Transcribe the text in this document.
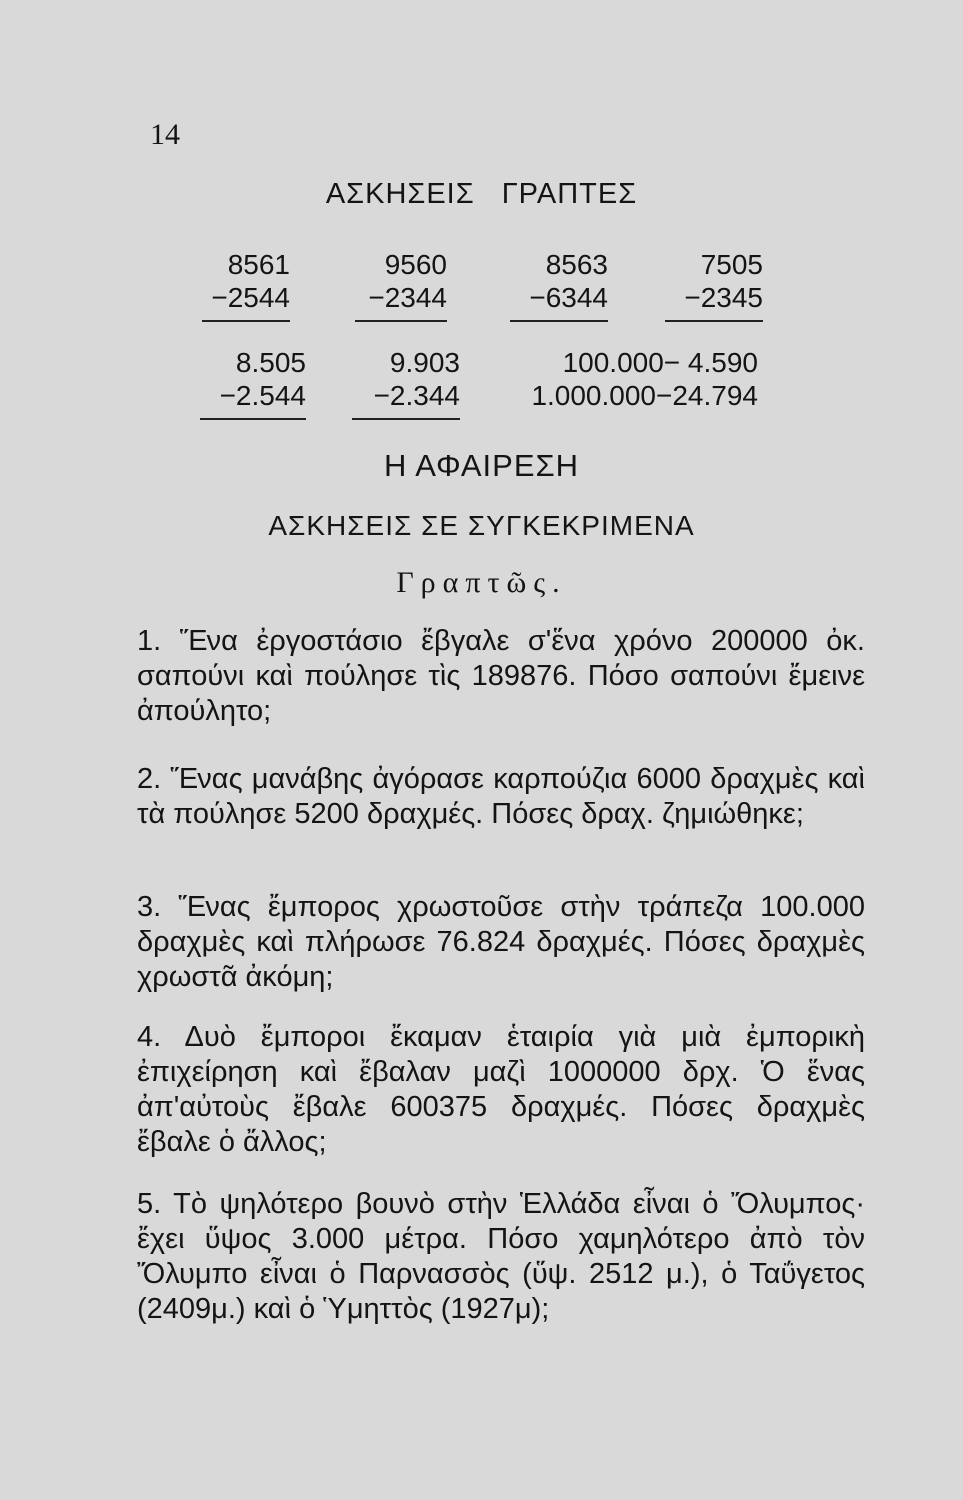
14
ΑΣΚΗΣΕΙΣ ΓΡΑΠΤΕΣ
8561
−2544
9560
−2344
8563
−6344
7505
−2345
8.505
−2.544
9.903
−2.344
100.000− 4.590
1.000.000−24.794
Η ΑΦΑΙΡΕΣΗ
ΑΣΚΗΣΕΙΣ ΣΕ ΣΥΓΚΕΚΡΙΜΕΝΑ
Γραπτῶς.

1. Ἕνα ἐργοστάσιο ἔβγαλε σ'ἕνα χρόνο 200000 ὀκ. σαπούνι καὶ πούλησε τὶς 189876. Πόσο σαπούνι ἔμεινε ἀπούλητο;

2. Ἕνας μανάβης ἀγόρασε καρπούζια 6000 δραχμὲς καὶ τὰ πούλησε 5200 δραχμές. Πόσες δραχ. ζημιώθηκε;

3. Ἕνας ἔμπορος χρωστοῦσε στὴν τράπεζα 100.000 δραχμὲς καὶ πλήρωσε 76.824 δραχμές. Πόσες δραχμὲς χρωστᾶ ἀκόμη;

4. Δυὸ ἔμποροι ἔκαμαν ἑταιρία γιὰ μιὰ ἐμπορικὴ ἐπιχείρηση καὶ ἔβαλαν μαζὶ 1000000 δρχ. Ὁ ἕνας ἀπ'αὐτοὺς ἔβαλε 600375 δραχμές. Πόσες δραχμὲς ἔβαλε ὁ ἄλλος;

5. Τὸ ψηλότερο βουνὸ στὴν Ἑλλάδα εἶναι ὁ Ὄλυμπος· ἔχει ὕψος 3.000 μέτρα. Πόσο χαμηλότερο ἀπὸ τὸν Ὄλυμπο εἶναι ὁ Παρνασσὸς (ὕψ. 2512 μ.), ὁ Ταΰγετος (2409μ.) καὶ ὁ Ὑμηττὸς (1927μ);
